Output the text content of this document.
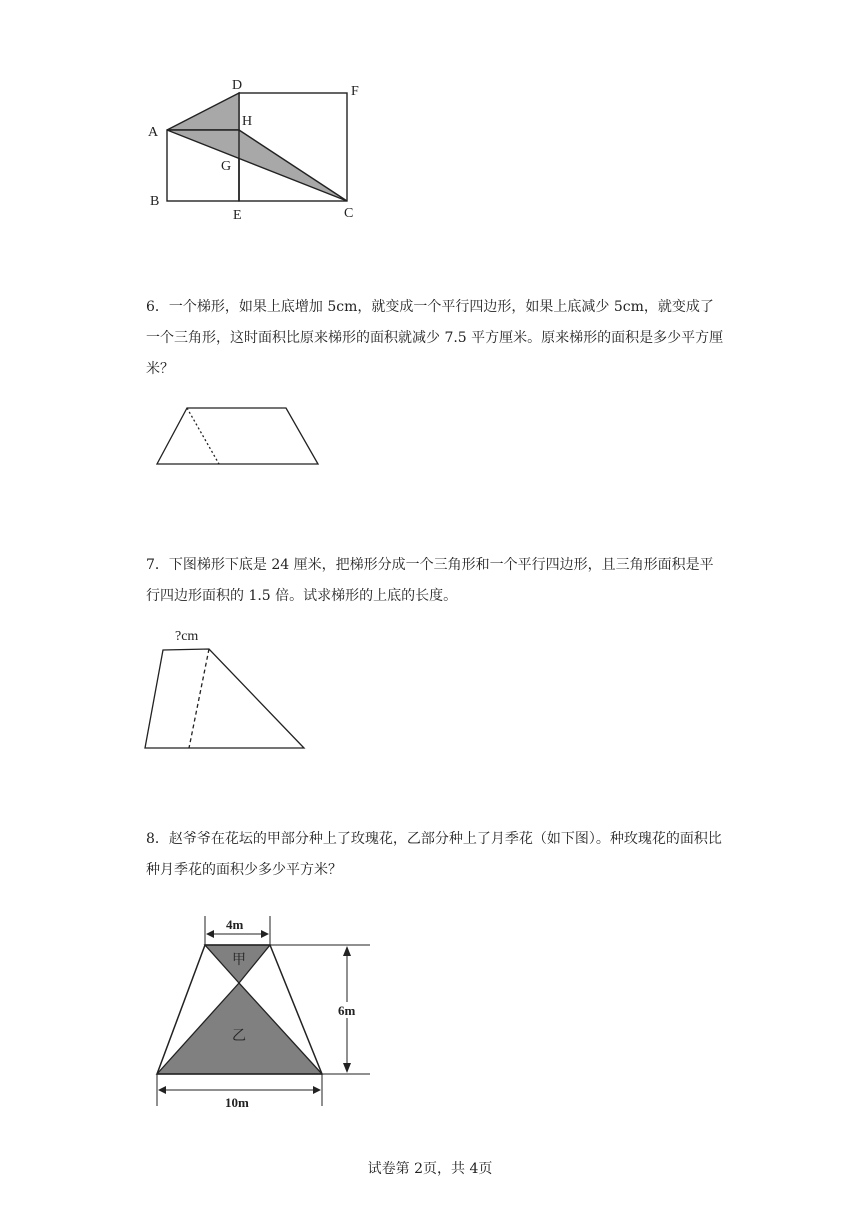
D	F
A
H
G
B
E	C
6．一个梯形，如果上底增加 5cm，就变成一个平行四边形，如果上底减少 5cm，就变成了一个三角形，这时面积比原来梯形的面积就减少 7.5 平方厘米。原来梯形的面积是多少平方厘米？
7．下图梯形下底是 24 厘米，把梯形分成一个三角形和一个平行四边形，且三角形面积是平行四边形面积的 1.5 倍。试求梯形的上底的长度。
?cm
8．赵爷爷在花坛的甲部分种上了玫瑰花，乙部分种上了月季花（如下图）。种玫瑰花的面积比种月季花的面积少多少平方米？
4m
6m
10m
甲
乙
试卷第 2页，共 4页
